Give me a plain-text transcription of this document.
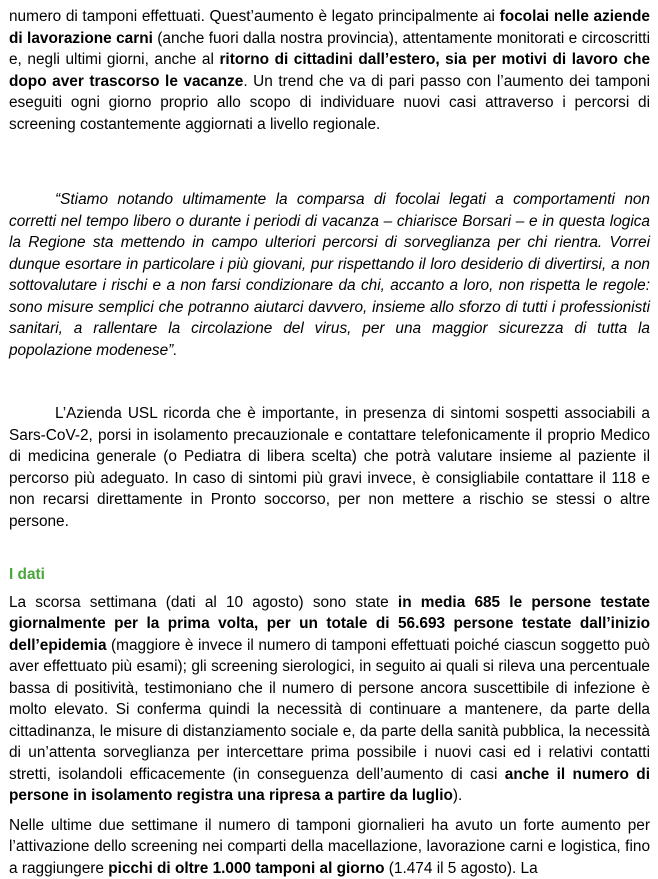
numero di tamponi effettuati. Quest’aumento è legato principalmente ai focolai nelle aziende di lavorazione carni (anche fuori dalla nostra provincia), attentamente monitorati e circoscritti e, negli ultimi giorni, anche al ritorno di cittadini dall’estero, sia per motivi di lavoro che dopo aver trascorso le vacanze. Un trend che va di pari passo con l’aumento dei tamponi eseguiti ogni giorno proprio allo scopo di individuare nuovi casi attraverso i percorsi di screening costantemente aggiornati a livello regionale.

“Stiamo notando ultimamente la comparsa di focolai legati a comportamenti non corretti nel tempo libero o durante i periodi di vacanza – chiarisce Borsari – e in questa logica la Regione sta mettendo in campo ulteriori percorsi di sorveglianza per chi rientra. Vorrei dunque esortare in particolare i più giovani, pur rispettando il loro desiderio di divertirsi, a non sottovalutare i rischi e a non farsi condizionare da chi, accanto a loro, non rispetta le regole: sono misure semplici che potranno aiutarci davvero, insieme allo sforzo di tutti i professionisti sanitari, a rallentare la circolazione del virus, per una maggior sicurezza di tutta la popolazione modenese”.

L’Azienda USL ricorda che è importante, in presenza di sintomi sospetti associabili a Sars-CoV-2, porsi in isolamento precauzionale e contattare telefonicamente il proprio Medico di medicina generale (o Pediatra di libera scelta) che potrà valutare insieme al paziente il percorso più adeguato. In caso di sintomi più gravi invece, è consigliabile contattare il 118 e non recarsi direttamente in Pronto soccorso, per non mettere a rischio se stessi o altre persone.

I dati

La scorsa settimana (dati al 10 agosto) sono state in media 685 le persone testate giornalmente per la prima volta, per un totale di 56.693 persone testate dall’inizio dell’epidemia (maggiore è invece il numero di tamponi effettuati poiché ciascun soggetto può aver effettuato più esami); gli screening sierologici, in seguito ai quali si rileva una percentuale bassa di positività, testimoniano che il numero di persone ancora suscettibile di infezione è molto elevato. Si conferma quindi la necessità di continuare a mantenere, da parte della cittadinanza, le misure di distanziamento sociale e, da parte della sanità pubblica, la necessità di un’attenta sorveglianza per intercettare prima possibile i nuovi casi ed i relativi contatti stretti, isolandoli efficacemente (in conseguenza dell’aumento di casi anche il numero di persone in isolamento registra una ripresa a partire da luglio).

Nelle ultime due settimane il numero di tamponi giornalieri ha avuto un forte aumento per l’attivazione dello screening nei comparti della macellazione, lavorazione carni e logistica, fino a raggiungere picchi di oltre 1.000 tamponi al giorno (1.474 il 5 agosto). La
